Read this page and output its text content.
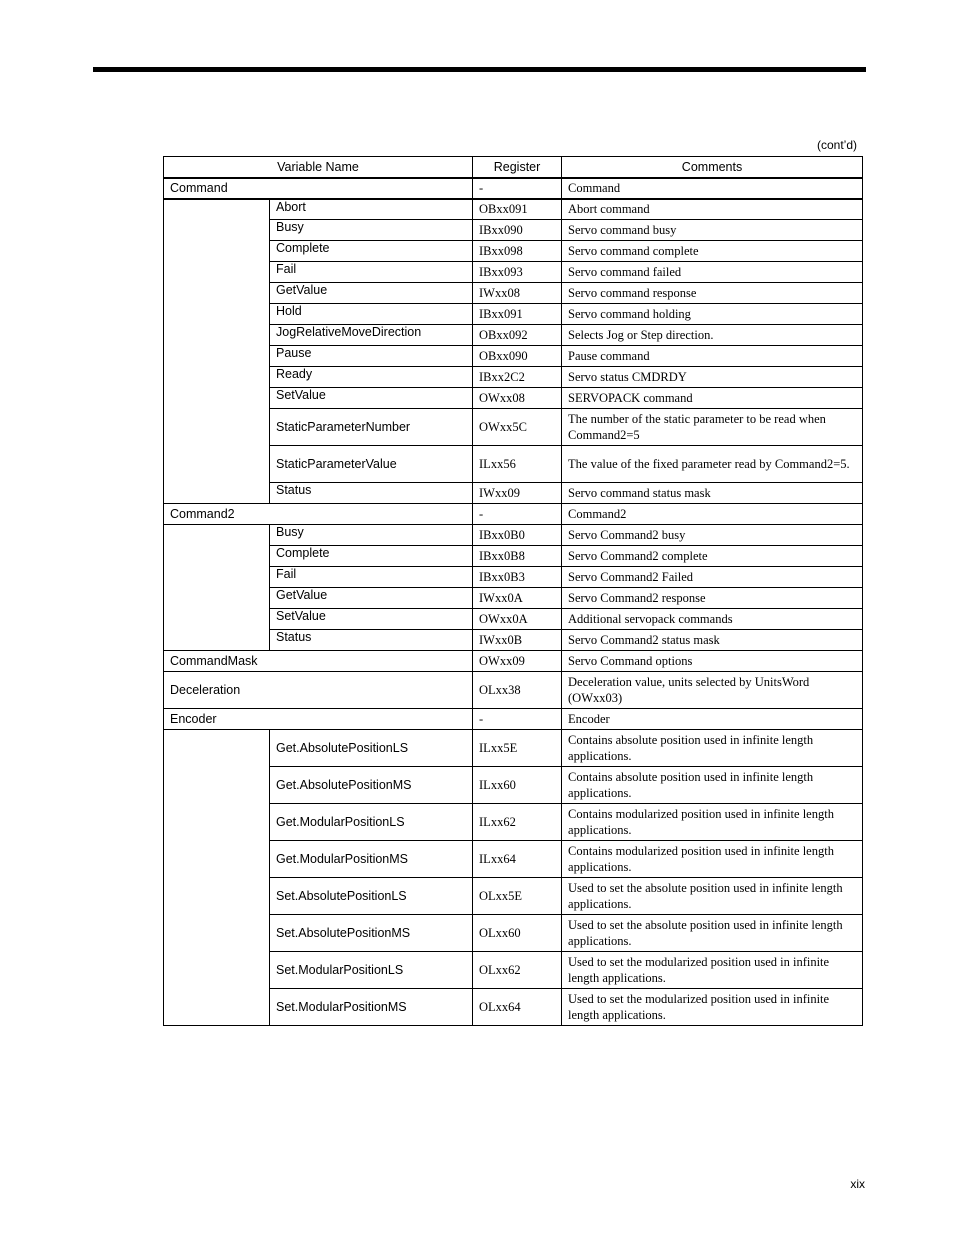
(cont’d)
Variable Name		Register	Comments
Command		-	Command
	Abort	OBxx091	Abort command
	Busy	IBxx090	Servo command busy
	Complete	IBxx098	Servo command complete
	Fail	IBxx093	Servo command failed
	GetValue	IWxx08	Servo command response
	Hold	IBxx091	Servo command holding
	JogRelativeMoveDirection	OBxx092	Selects Jog or Step direction.
	Pause	OBxx090	Pause command
	Ready	IBxx2C2	Servo status CMDRDY
	SetValue	OWxx08	SERVOPACK command
	StaticParameterNumber	OWxx5C	The number of the static parameter to be read when Command2=5
	StaticParameterValue	ILxx56	The value of the fixed parameter read by Command2=5.
	Status	IWxx09	Servo command status mask
Command2		-	Command2
	Busy	IBxx0B0	Servo Command2 busy
	Complete	IBxx0B8	Servo Command2 complete
	Fail	IBxx0B3	Servo Command2 Failed
	GetValue	IWxx0A	Servo Command2 response
	SetValue	OWxx0A	Additional servopack commands
	Status	IWxx0B	Servo Command2 status mask
CommandMask		OWxx09	Servo Command options
Deceleration		OLxx38	Deceleration value, units selected by UnitsWord (OWxx03)
Encoder		-	Encoder
	Get.AbsolutePositionLS	ILxx5E	Contains absolute position used in infinite length applications.
	Get.AbsolutePositionMS	ILxx60	Contains absolute position used in infinite length applications.
	Get.ModularPositionLS	ILxx62	Contains modularized position used in infinite length applications.
	Get.ModularPositionMS	ILxx64	Contains modularized position used in infinite length applications.
	Set.AbsolutePositionLS	OLxx5E	Used to set the absolute position used in infinite length applications.
	Set.AbsolutePositionMS	OLxx60	Used to set the absolute position used in infinite length applications.
	Set.ModularPositionLS	OLxx62	Used to set the modularized position used in infinite length applications.
	Set.ModularPositionMS	OLxx64	Used to set the modularized position used in infinite length applications.
xix
